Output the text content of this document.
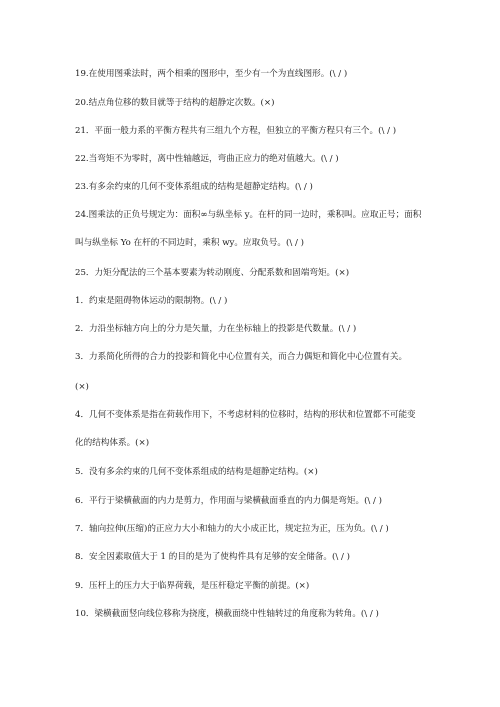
19.在使用图乘法时，两个相乘的图形中，至少有一个为直线图形。(\ / )
20.结点角位移的数目就等于结构的超静定次数。(×)
21．平面一般力系的平衡方程共有三组九个方程，但独立的平衡方程只有三个。(\ / )
22.当弯矩不为零时，离中性轴越远，弯曲正应力的绝对值越大。(\ / )
23.有多余约束的几何不变体系组成的结构是超静定结构。(\ / )
24.图乘法的正负号规定为：面积∞与纵坐标 y。在杆的同一边时，乘积叫。应取正号；面积
叫与纵坐标 Yo 在杆的不同边时，乘积 wy。应取负号。(\ / )
25．力矩分配法的三个基本要素为转动刚度、分配系数和固端弯矩。(×)
1．约束是阻碍物体运动的限制物。(\ / )
2．力沿坐标轴方向上的分力是矢量，力在坐标轴上的投影是代数量。(\ / )
3．力系简化所得的合力的投影和简化中心位置有关，而合力偶矩和简化中心位置有关。
(×)
4．几何不变体系是指在荷载作用下，不考虑材料的位移时，结构的形状和位置都不可能变
化的结构体系。(×)
5．没有多余约束的几何不变体系组成的结构是超静定结构。(×)
6．平行于梁横截面的内力是剪力，作用面与梁横截面垂直的内力偶是弯矩。(\ / )
7．轴向拉伸(压缩)的正应力大小和轴力的大小成正比，规定拉为正，压为负。(\ / )
8．安全因素取值大于 1 的目的是为了使构件具有足够的安全储备。(\ / )
9．压杆上的压力大于临界荷载，是压杆稳定平衡的前提。(×)
10．梁横截面竖向线位移称为挠度，横截面绕中性轴转过的角度称为转角。(\ / )
